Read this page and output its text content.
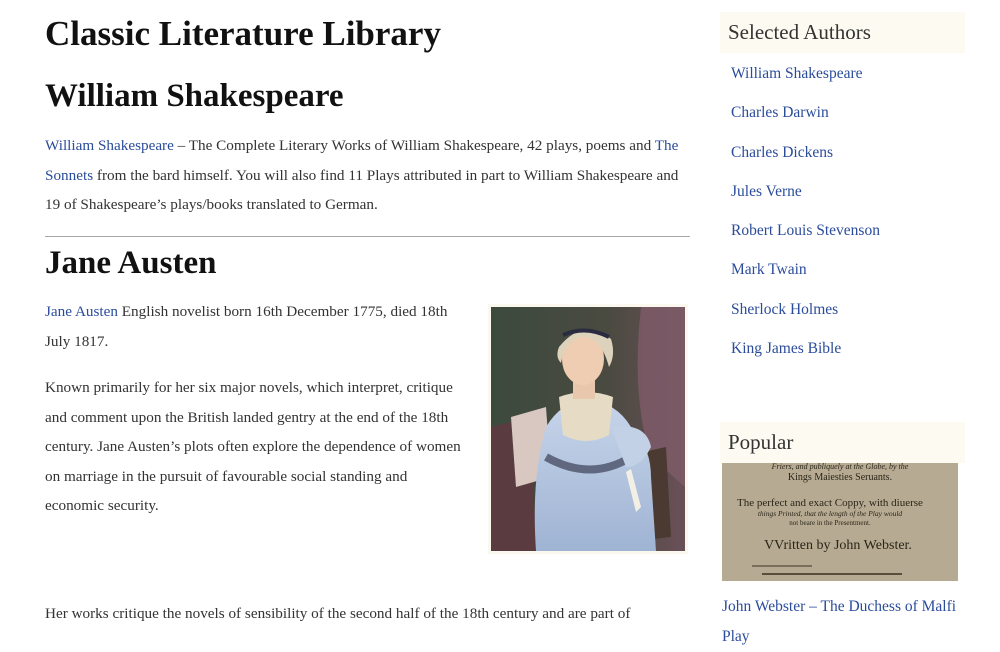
Classic Literature Library
William Shakespeare

William Shakespeare – The Complete Literary Works of William Shakespeare, 42 plays, poems and The Sonnets from the bard himself. You will also find 11 Plays attributed in part to William Shakespeare and 19 of Shakespeare’s plays/books translated to German.

Jane Austen

Jane Austen English novelist born 16th December 1775, died 18th July 1817.

Known primarily for her six major novels, which interpret, critique and comment upon the British landed gentry at the end of the 18th century. Jane Austen’s plots often explore the dependence of women on marriage in the pursuit of favourable social standing and economic security.

Her works critique the novels of sensibility of the second half of the 18th century and are part of

Selected Authors
William Shakespeare
Charles Darwin
Charles Dickens
Jules Verne
Robert Louis Stevenson
Mark Twain
Sherlock Holmes
King James Bible
Popular
Friers, and publiquely at the Globe, by the
Kings Maiesties Seruants.
The perfect and exact Coppy, with diuerse
things Printed, that the length of the Play would
not beare in the Presentment.
VVritten by John Webster.
John Webster – The Duchess of Malfi Play
